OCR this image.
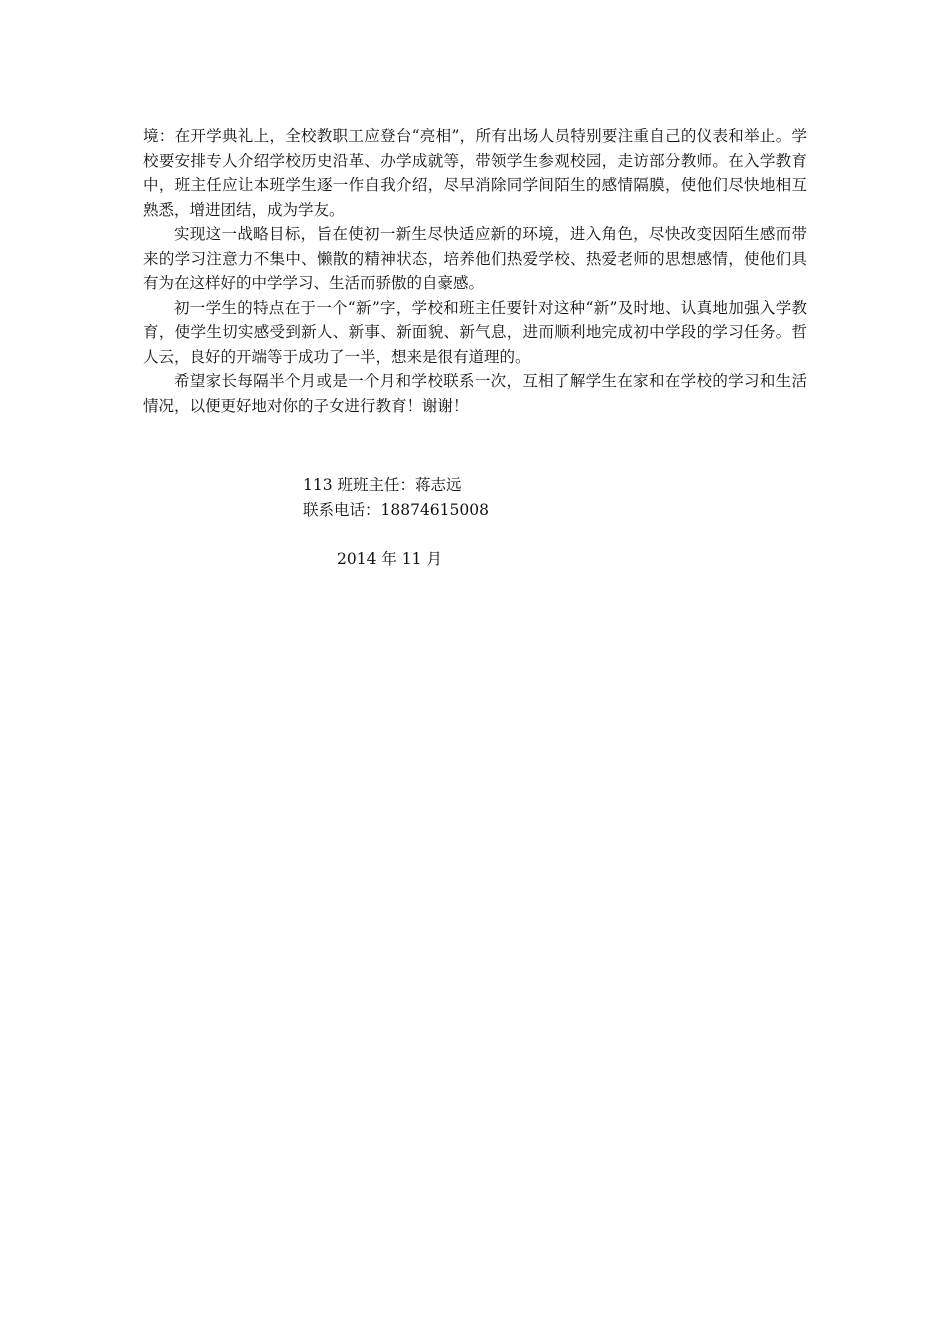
境：在开学典礼上，全校教职工应登台“亮相”，所有出场人员特别要注重自己的仪表和举止。学校要安排专人介绍学校历史沿革、办学成就等，带领学生参观校园，走访部分教师。在入学教育中，班主任应让本班学生逐一作自我介绍，尽早消除同学间陌生的感情隔膜，使他们尽快地相互熟悉，增进团结，成为学友。

实现这一战略目标，旨在使初一新生尽快适应新的环境，进入角色，尽快改变因陌生感而带来的学习注意力不集中、懒散的精神状态，培养他们热爱学校、热爱老师的思想感情，使他们具有为在这样好的中学学习、生活而骄傲的自豪感。

初一学生的特点在于一个“新”字，学校和班主任要针对这种“新”及时地、认真地加强入学教育，使学生切实感受到新人、新事、新面貌、新气息，进而顺利地完成初中学段的学习任务。哲人云，良好的开端等于成功了一半，想来是很有道理的。

希望家长每隔半个月或是一个月和学校联系一次，互相了解学生在家和在学校的学习和生活情况，以便更好地对你的子女进行教育！谢谢！

113 班班主任：蒋志远
联系电话：18874615008
2014 年 11 月
